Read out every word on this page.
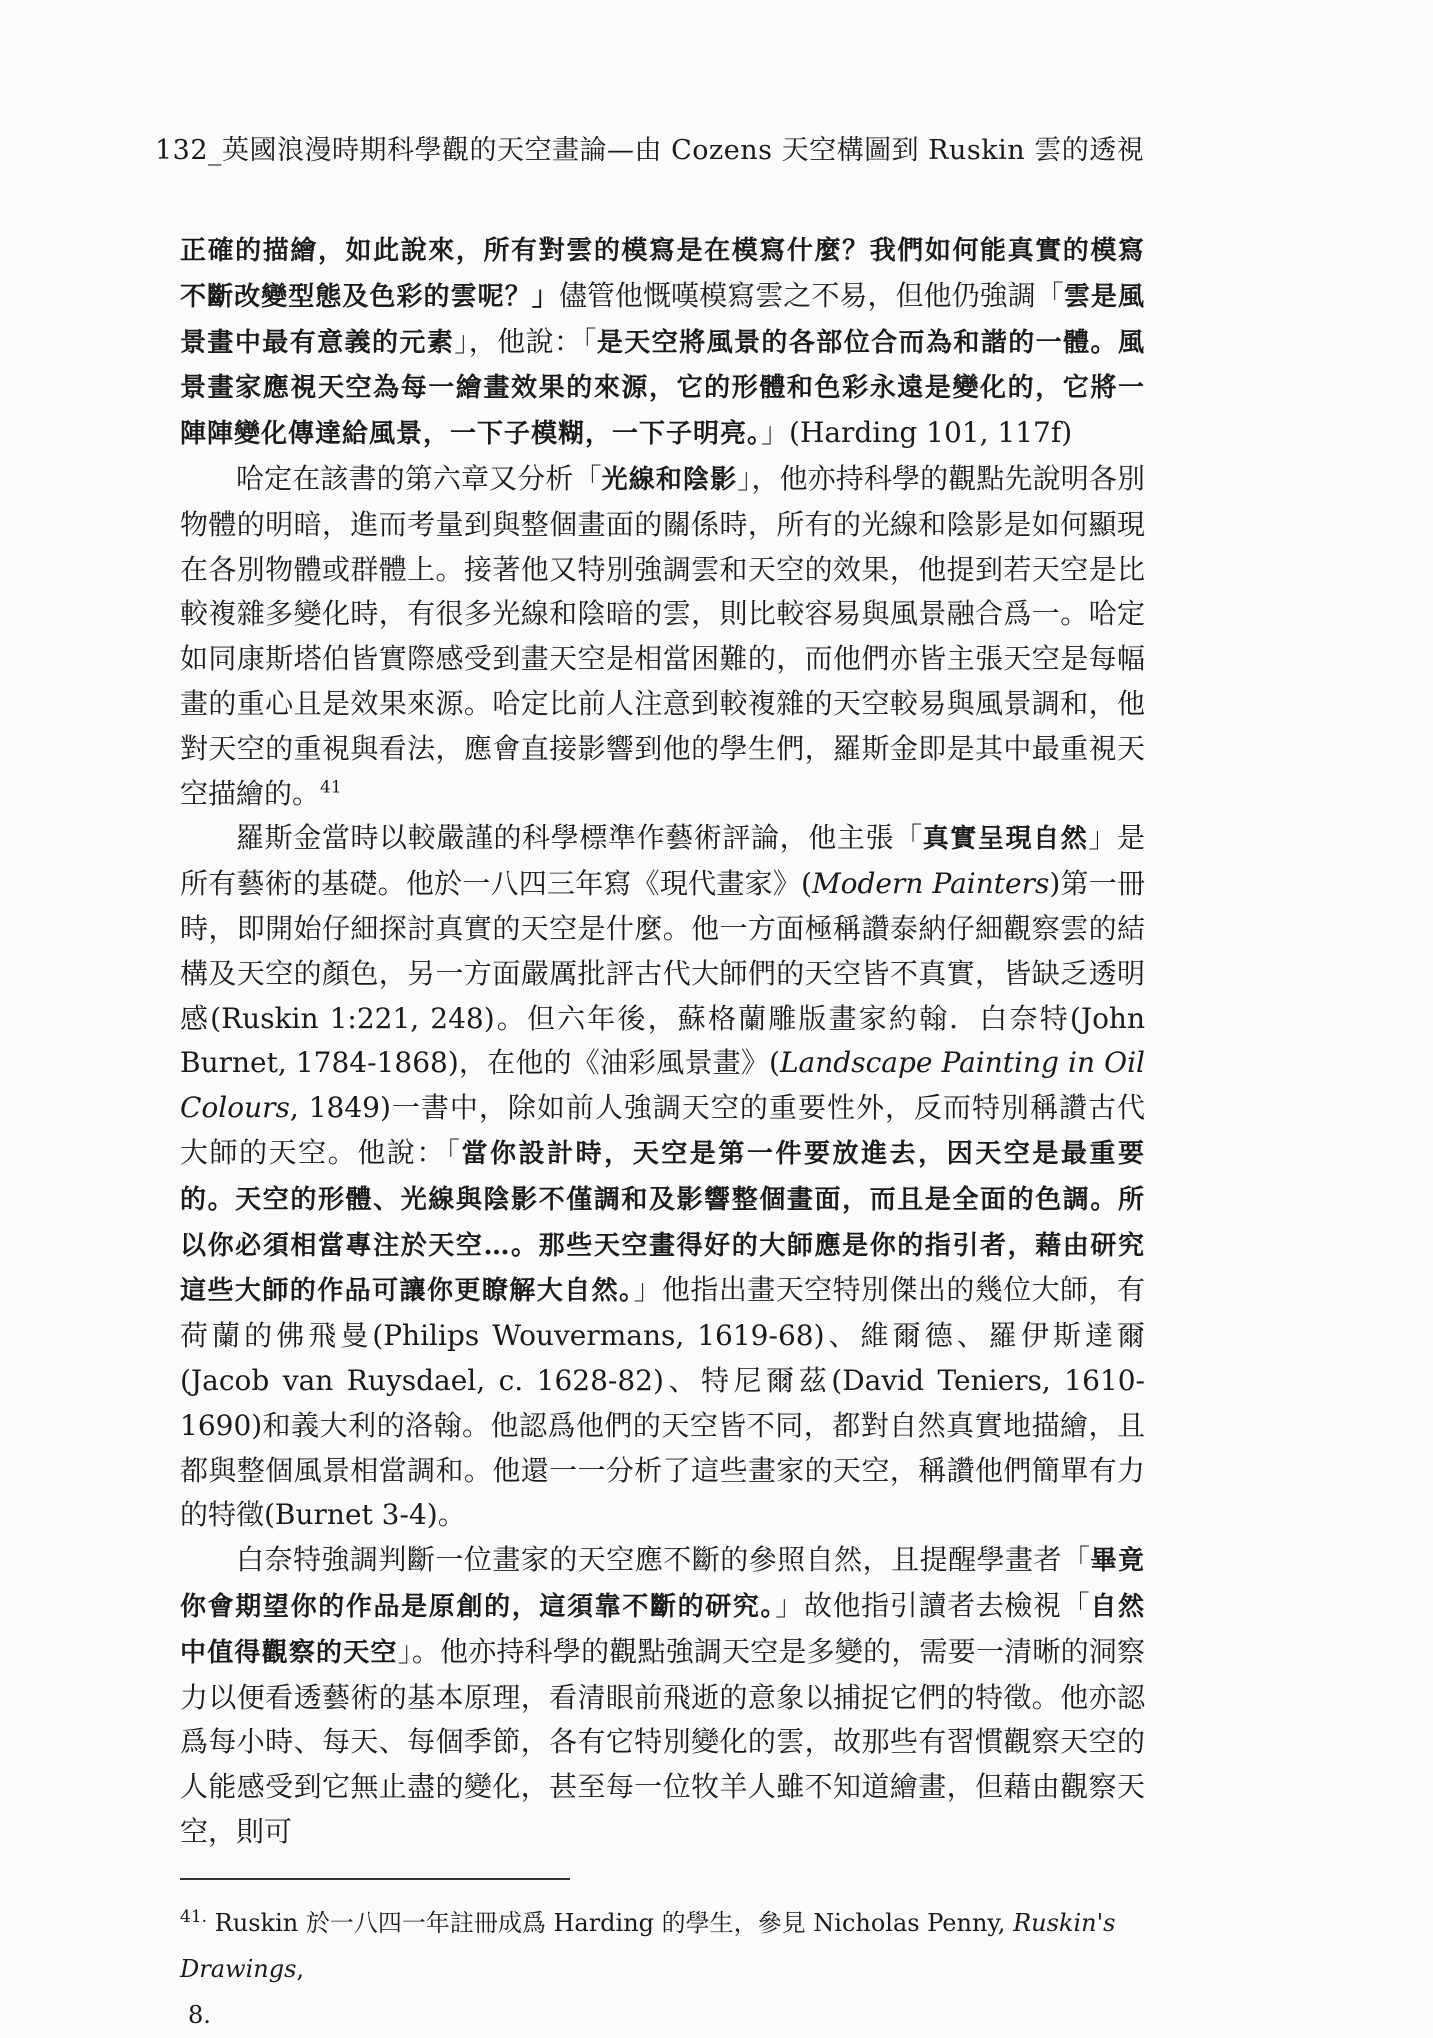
132_英國浪漫時期科學觀的天空畫論—由 Cozens 天空構圖到 Ruskin 雲的透視

正確的描繪，如此說來，所有對雲的模寫是在模寫什麼？我們如何能真實的模寫不斷改變型態及色彩的雲呢？」儘管他慨嘆模寫雲之不易，但他仍強調「雲是風景畫中最有意義的元素」，他說：「是天空將風景的各部位合而為和諧的一體。風景畫家應視天空為每一繪畫效果的來源，它的形體和色彩永遠是變化的，它將一陣陣變化傳達給風景，一下子模糊，一下子明亮。」(Harding 101, 117f)

哈定在該書的第六章又分析「光線和陰影」，他亦持科學的觀點先說明各別物體的明暗，進而考量到與整個畫面的關係時，所有的光線和陰影是如何顯現在各別物體或群體上。接著他又特別強調雲和天空的效果，他提到若天空是比較複雜多變化時，有很多光線和陰暗的雲，則比較容易與風景融合爲一。哈定如同康斯塔伯皆實際感受到畫天空是相當困難的，而他們亦皆主張天空是每幅畫的重心且是效果來源。哈定比前人注意到較複雜的天空較易與風景調和，他對天空的重視與看法，應會直接影響到他的學生們，羅斯金即是其中最重視天空描繪的。$^{41}$

羅斯金當時以較嚴謹的科學標準作藝術評論，他主張「真實呈現自然」是所有藝術的基礎。他於一八四三年寫《現代畫家》(Modern Painters)第一冊時，即開始仔細探討真實的天空是什麼。他一方面極稱讚泰納仔細觀察雲的結構及天空的顏色，另一方面嚴厲批評古代大師們的天空皆不真實，皆缺乏透明感(Ruskin 1:221, 248)。但六年後，蘇格蘭雕版畫家約翰．白奈特(John Burnet, 1784-1868)，在他的《油彩風景畫》(Landscape Painting in Oil Colours, 1849)一書中，除如前人強調天空的重要性外，反而特別稱讚古代大師的天空。他說：「當你設計時，天空是第一件要放進去，因天空是最重要的。天空的形體、光線與陰影不僅調和及影響整個畫面，而且是全面的色調。所以你必須相當專注於天空…。那些天空畫得好的大師應是你的指引者，藉由研究這些大師的作品可讓你更瞭解大自然。」他指出畫天空特別傑出的幾位大師，有荷蘭的佛飛曼(Philips Wouvermans, 1619-68)、維爾德、羅伊斯達爾(Jacob van Ruysdael, c. 1628-82)、特尼爾茲(David Teniers, 1610-1690)和義大利的洛翰。他認爲他們的天空皆不同，都對自然真實地描繪，且都與整個風景相當調和。他還一一分析了這些畫家的天空，稱讚他們簡單有力的特徵(Burnet 3-4)。

白奈特強調判斷一位畫家的天空應不斷的參照自然，且提醒學畫者「畢竟你會期望你的作品是原創的，這須靠不斷的研究。」故他指引讀者去檢視「自然中值得觀察的天空」。他亦持科學的觀點強調天空是多變的，需要一清晰的洞察力以便看透藝術的基本原理，看清眼前飛逝的意象以捕捉它們的特徵。他亦認爲每小時、每天、每個季節，各有它特別變化的雲，故那些有習慣觀察天空的人能感受到它無止盡的變化，甚至每一位牧羊人雖不知道繪畫，但藉由觀察天空，則可

$^{41.}$ Ruskin 於一八四一年註冊成爲 Harding 的學生，參見 Nicholas Penny, Ruskin's Drawings,

8.
